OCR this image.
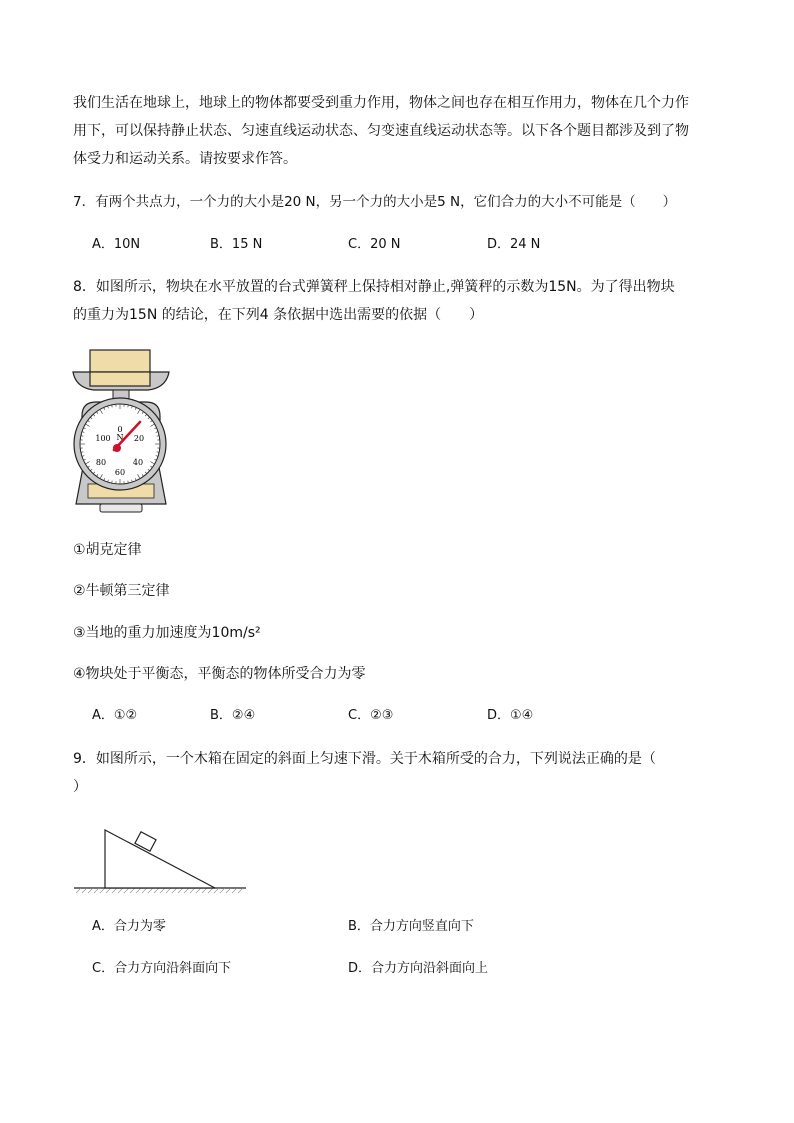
我们生活在地球上，地球上的物体都要受到重力作用，物体之间也存在相互作用力，物体在几个力作
用下，可以保持静止状态、匀速直线运动状态、匀变速直线运动状态等。以下各个题目都涉及到了物
体受力和运动关系。请按要求作答。
7．有两个共点力，一个力的大小是20 N，另一个力的大小是5 N，它们合力的大小不可能是（　　）
A．10N	B．15 N	C．20 N	D．24 N
8．如图所示，物块在水平放置的台式弹簧秤上保持相对静止,弹簧秤的示数为15N。为了得出物块
的重力为15N 的结论，在下列4 条依据中选出需要的依据（　　）
0
N 20
40
60
80
100
①胡克定律
②牛顿第三定律
③当地的重力加速度为10m/s²
④物块处于平衡态，平衡态的物体所受合力为零
A．①②	B．②④	C．②③	D．①④
9．如图所示，一个木箱在固定的斜面上匀速下滑。关于木箱所受的合力，下列说法正确的是（
）
A．合力为零	B．合力方向竖直向下
C．合力方向沿斜面向下	D．合力方向沿斜面向上
